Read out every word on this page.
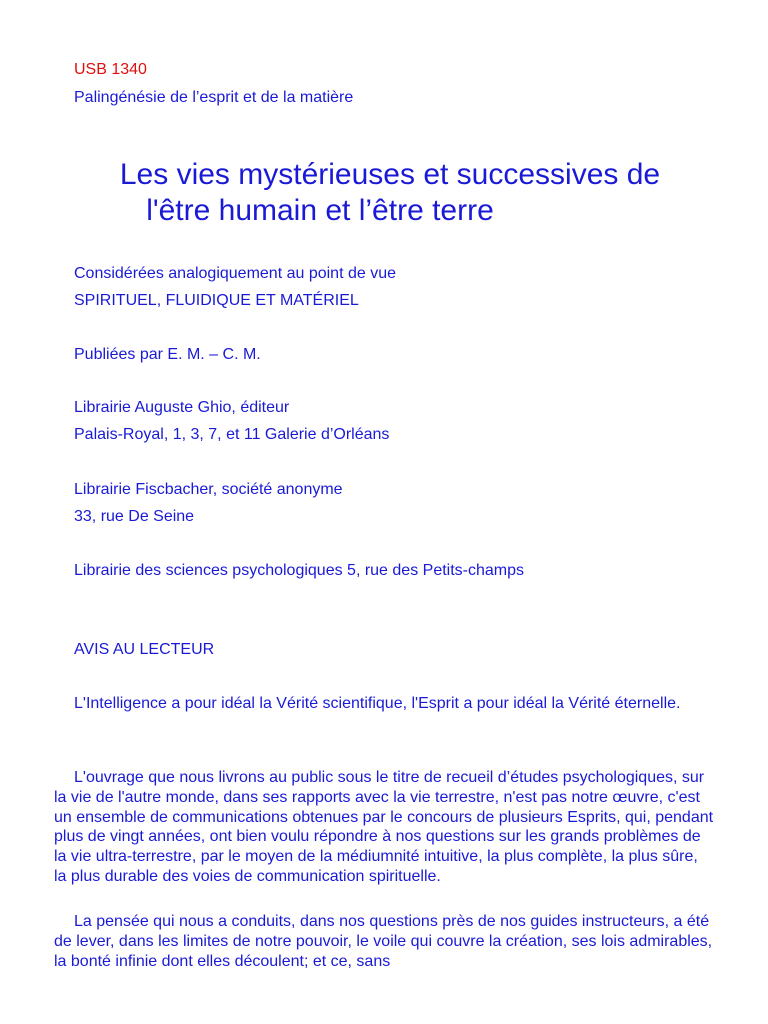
USB 1340
Palingénésie de l’esprit et de la matière
Les vies mystérieuses et successives de
l'être humain et l’être terre
Considérées analogiquement au point de vue
SPIRITUEL, FLUIDIQUE ET MATÉRIEL
Publiées par E. M. – C. M.
Librairie Auguste Ghio, éditeur
Palais-Royal, 1, 3, 7, et 11 Galerie d’Orléans
Librairie Fiscbacher, société anonyme
33, rue De Seine
Librairie des sciences psychologiques 5, rue des Petits-champs
AVIS AU LECTEUR
L'Intelligence a pour idéal la Vérité scientifique, l'Esprit a pour idéal la Vérité éternelle.
L'ouvrage que nous livrons au public sous le titre de recueil d’études psychologiques, sur la vie de l'autre monde, dans ses rapports avec la vie terrestre, n'est pas notre œuvre, c'est un ensemble de communications obtenues par le concours de plusieurs Esprits, qui, pendant plus de vingt années, ont bien voulu répondre à nos questions sur les grands problèmes de la vie ultra-terrestre, par le moyen de la médiumnité intuitive, la plus complète, la plus sûre, la plus durable des voies de communication spirituelle.
La pensée qui nous a conduits, dans nos questions près de nos guides instructeurs, a été de lever, dans les limites de notre pouvoir, le voile qui couvre la création, ses lois admirables, la bonté infinie dont elles découlent; et ce, sans
